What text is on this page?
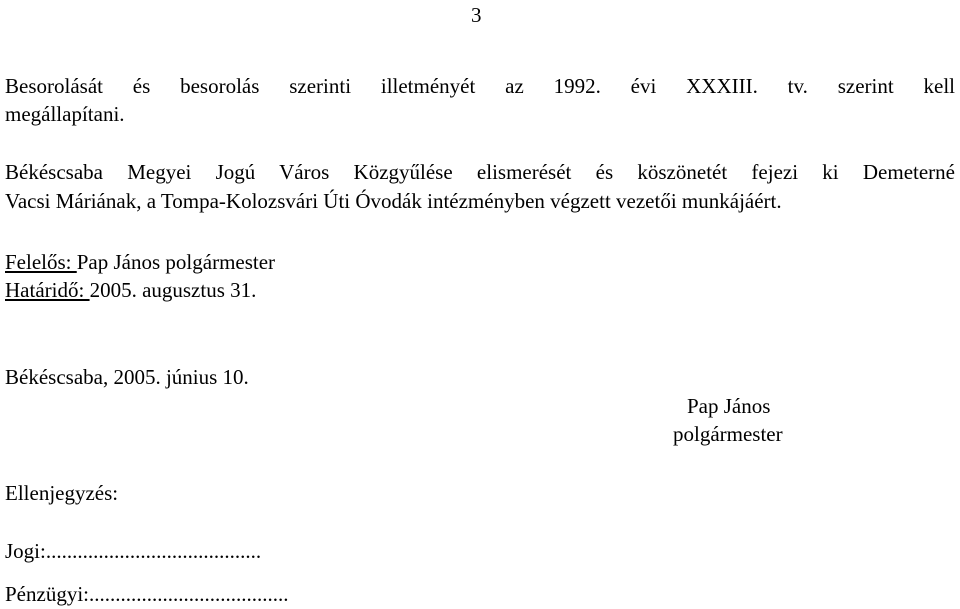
3
Besorolását és besorolás szerinti illetményét az 1992. évi XXXIII. tv. szerint kell
megállapítani.
Békéscsaba Megyei Jogú Város Közgyűlése elismerését és köszönetét fejezi ki Demeterné
Vacsi Máriának, a Tompa-Kolozsvári Úti Óvodák intézményben végzett vezetői munkájáért.
Felelős: Pap János polgármester
Határidő: 2005. augusztus 31.
Békéscsaba, 2005. június 10.
Pap János
polgármester
Ellenjegyzés:
Jogi:.........................................
Pénzügyi:......................................
